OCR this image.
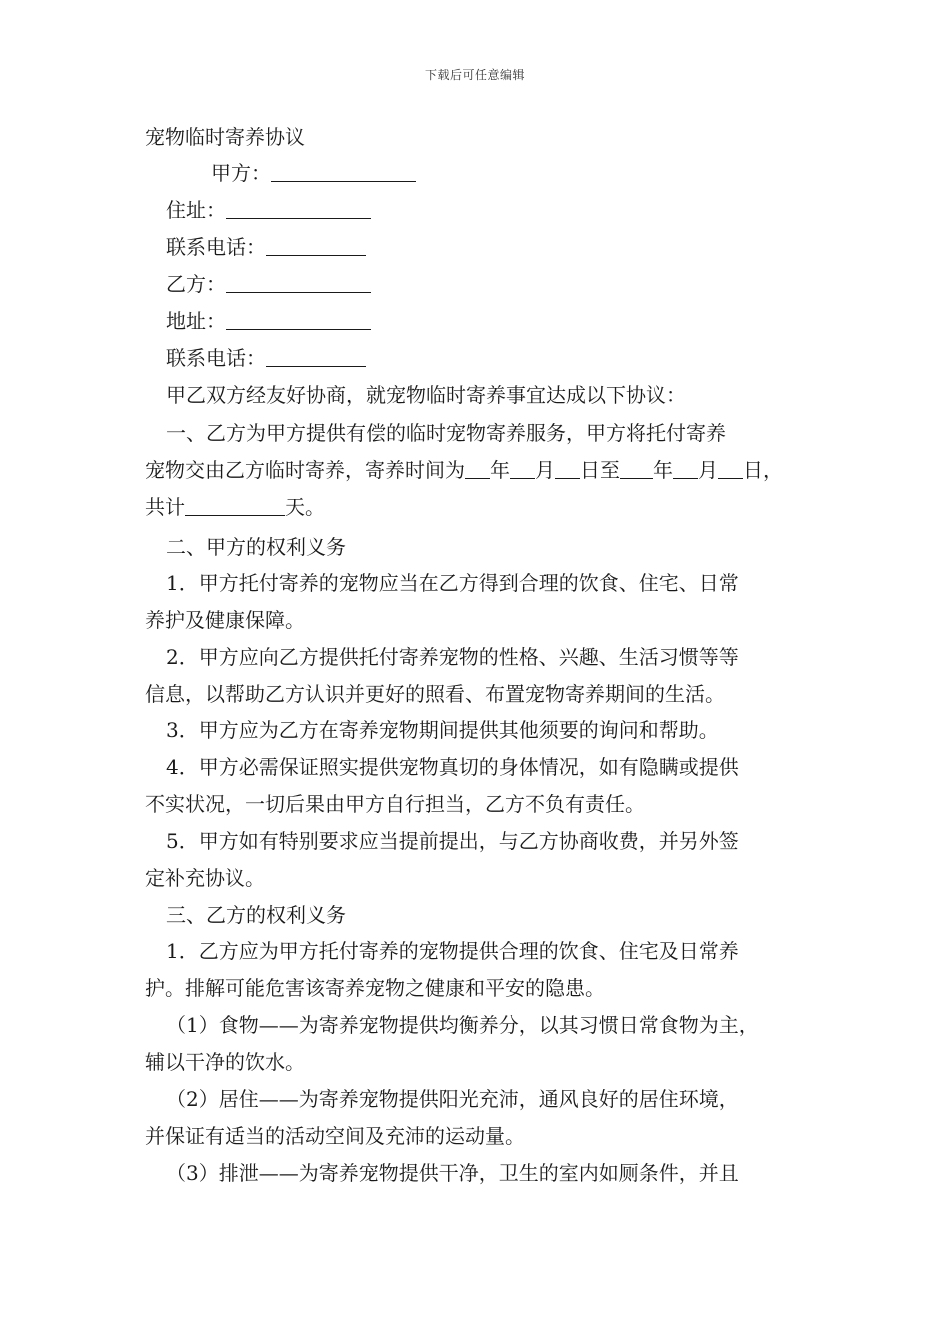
下载后可任意编辑
宠物临时寄养协议
甲方：
住址：
联系电话：
乙方：
地址：
联系电话：
甲乙双方经友好协商，就宠物临时寄养事宜达成以下协议：
一、乙方为甲方提供有偿的临时宠物寄养服务，甲方将托付寄养
宠物交由乙方临时寄养，寄养时间为 年 月 日至 年 月 日，
共计	天。
二、甲方的权利义务
1．甲方托付寄养的宠物应当在乙方得到合理的饮食、住宅、日常
养护及健康保障。
2．甲方应向乙方提供托付寄养宠物的性格、兴趣、生活习惯等等
信息，以帮助乙方认识并更好的照看、布置宠物寄养期间的生活。
3．甲方应为乙方在寄养宠物期间提供其他须要的询问和帮助。
4．甲方必需保证照实提供宠物真切的身体情况，如有隐瞒或提供
不实状况，一切后果由甲方自行担当，乙方不负有责任。
5．甲方如有特别要求应当提前提出，与乙方协商收费，并另外签
定补充协议。
三、乙方的权利义务
1．乙方应为甲方托付寄养的宠物提供合理的饮食、住宅及日常养
护。排解可能危害该寄养宠物之健康和平安的隐患。
（1）食物——为寄养宠物提供均衡养分，以其习惯日常食物为主，
辅以干净的饮水。
（2）居住——为寄养宠物提供阳光充沛，通风良好的居住环境，
并保证有适当的活动空间及充沛的运动量。
（3）排泄——为寄养宠物提供干净，卫生的室内如厕条件，并且
